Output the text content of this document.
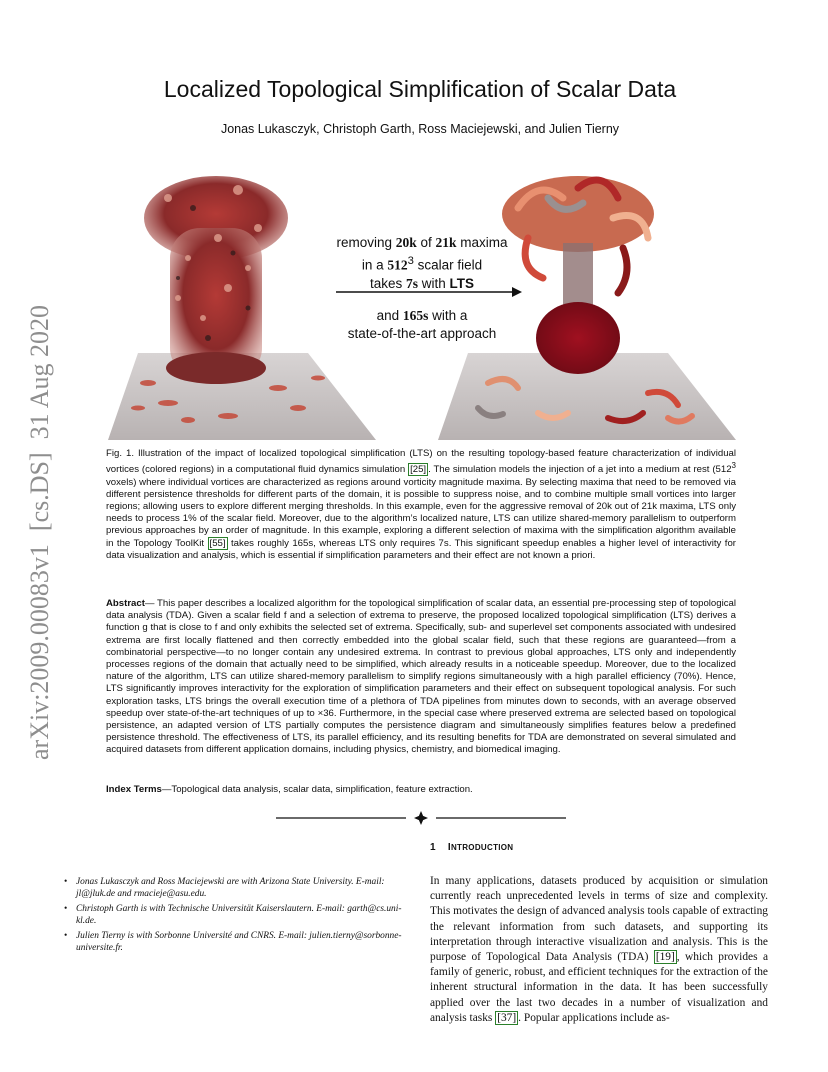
arXiv:2009.00083v1  [cs.DS]  31 Aug 2020
Localized Topological Simplification of Scalar Data
Jonas Lukasczyk, Christoph Garth, Ross Maciejewski, and Julien Tierny
removing 20k of 21k maxima
in a $512^3$ scalar field
takes 7s with LTS
and 165s with a
state-of-the-art approach
Fig. 1. Illustration of the impact of localized topological simplification (LTS) on the resulting topology-based feature characterization of individual vortices (colored regions) in a computational fluid dynamics simulation [25] . The simulation models the injection of a jet into a medium at rest ($512^3$ voxels) where individual vortices are characterized as regions around vorticity magnitude maxima. By selecting maxima that need to be removed via different persistence thresholds for different parts of the domain, it is possible to suppress noise, and to combine multiple small vortices into larger regions; allowing users to explore different merging thresholds. In this example, even for the aggressive removal of 20k out of 21k maxima, LTS only needs to process 1% of the scalar field. Moreover, due to the algorithm’s localized nature, LTS can utilize shared-memory parallelism to outperform previous approaches by an order of magnitude. In this example, exploring a different selection of maxima with the simplification algorithm available in the Topology ToolKit [55] takes roughly 165s, whereas LTS only requires 7s. This significant speedup enables a higher level of interactivity for data visualization and analysis, which is essential if simplification parameters and their effect are not known a priori.
Abstract— This paper describes a localized algorithm for the topological simplification of scalar data, an essential pre-processing step of topological data analysis (TDA). Given a scalar field f and a selection of extrema to preserve, the proposed localized topological simplification (LTS) derives a function g that is close to f and only exhibits the selected set of extrema. Specifically, sub- and superlevel set components associated with undesired extrema are first locally flattened and then correctly embedded into the global scalar field, such that these regions are guaranteed—from a combinatorial perspective—to no longer contain any undesired extrema. In contrast to previous global approaches, LTS only and independently processes regions of the domain that actually need to be simplified, which already results in a noticeable speedup. Moreover, due to the localized nature of the algorithm, LTS can utilize shared-memory parallelism to simplify regions simultaneously with a high parallel efficiency (70%). Hence, LTS significantly improves interactivity for the exploration of simplification parameters and their effect on subsequent topological analysis. For such exploration tasks, LTS brings the overall execution time of a plethora of TDA pipelines from minutes down to seconds, with an average observed speedup over state-of-the-art techniques of up to ×36. Furthermore, in the special case where preserved extrema are selected based on topological persistence, an adapted version of LTS partially computes the persistence diagram and simultaneously simplifies features below a predefined persistence threshold. The effectiveness of LTS, its parallel efficiency, and its resulting benefits for TDA are demonstrated on several simulated and acquired datasets from different application domains, including physics, chemistry, and biomedical imaging.
Index Terms—Topological data analysis, scalar data, simplification, feature extraction.
• Jonas Lukasczyk and Ross Maciejewski are with Arizona State University. E-mail: jl@jluk.de and rmacieje@asu.edu.
• Christoph Garth is with Technische Universität Kaiserslautern. E-mail: garth@cs.uni-kl.de.
• Julien Tierny is with Sorbonne Université and CNRS. E-mail: julien.tierny@sorbonne-universite.fr.
1 INTRODUCTION
In many applications, datasets produced by acquisition or simulation currently reach unprecedented levels in terms of size and complexity. This motivates the design of advanced analysis tools capable of extracting the relevant information from such datasets, and supporting its interpretation through interactive visualization and analysis. This is the purpose of Topological Data Analysis (TDA) [19] , which provides a family of generic, robust, and efficient techniques for the extraction of the inherent structural information in the data. It has been successfully applied over the last two decades in a number of visualization and analysis tasks [37] . Popular applications include as-
